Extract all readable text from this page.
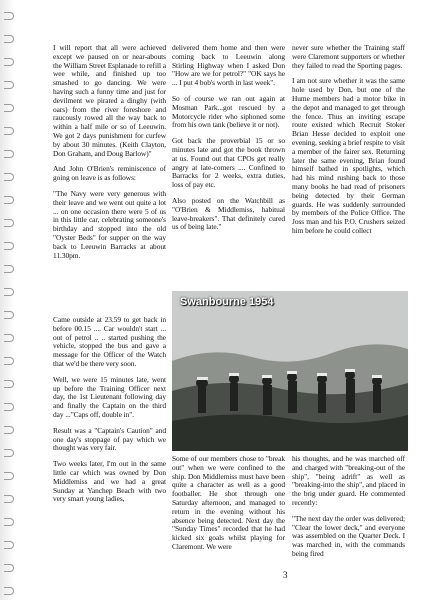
I will report that all were achieved except we paused on or near-abouts the William Street Esplanade to refill a wee while, and finished up too smashed to go dancing. We were having such a funny time and just for devilment we pirated a dinghy (with oars) from the river foreshore and raucously rowed all the way back to within a half mile or so of Leeuwin. We got 2 days punishment for curfew by about 30 minutes. (Keith Clayton, Don Graham, and Doug Barlow)"

And John O'Brien's reminiscence of going on leave is as follows:

"The Navy were very generous with their leave and we went out quite a lot ... on one occasion there were 5 of us in this little car, celebrating someone's birthday and stopped into the old "Oyster Beds" for supper on the way back to Leeuwin Barracks at about 11.30pm.

Came outside at 23.59 to get back in before 00.15 .... Car wouldn't start ... out of petrol .. .. started pushing the vehicle, stopped the bus and gave a message for the Officer of the Watch that we'd be there very soon.

Well, we were 15 minutes late, went up before the Training Officer next day, the 1st Lieutenant following day and finally the Captain on the third day ..."Caps off, double in".

Result was a "Captain's Caution" and one day's stoppage of pay which we thought was very fair.

Two weeks later, I'm out in the same little car which was owned by Don Middlemiss and we had a great Sunday at Yanchep Beach with two very smart young ladies,

delivered them home and then were coming back to Leeuwin along Stirling Highway when I asked Don "How are we for petrol?" "OK says he ... I put 4 bob's worth in last week".

So of course we ran out again at Mosman Park...got rescued by a Motorcycle rider who siphoned some from his own tank (believe it or not).

Got back the proverbial 15 or so minutes late and got the book thrown at us. Found out that CPOs get really angry at late-comers .... Confined to Barracks for 2 weeks, extra duties, loss of pay etc.

Also posted on the Watchbill as "O'Brien & Middlemiss, habitual leave-breakers". That definitely cured us of being late."

never sure whether the Training staff were Claremont supporters or whether they failed to read the Sporting pages.

I am not sure whether it was the same hole used by Don, but one of the Hume members had a motor bike in the depot and managed to get through the fence. Thus an inviting escape route existed which Recruit Stoker Brian Hesse decided to exploit one evening, seeking a brief respite to visit a member of the fairer sex. Returning later the same evening, Brian found himself bathed in spotlights, which had his mind rushing back to those many books he had read of prisoners being detected by their German guards. He was suddenly surrounded by members of the Police Office. The Joss man and his P.O. Crushers seized him before he could collect

Swanbourne 1954

Some of our members chose to "break out" when we were confined to the ship. Don Middlemiss must have been quite a character as well as a good footballer. He shot through one Saturday afternoon, and managed to return in the evening without his absence being detected. Next day the "Sunday Times" recorded that he had kicked six goals whilst playing for Claremont. We were

his thoughts, and he was marched off and charged with "breaking-out of the ship", "being adrift" as well as "breaking-into the ship", and placed in the brig under guard. He commented recently:

"The next day the order was delivered; "Clear the lower deck," and everyone was assembled on the Quarter Deck. I was marched in, with the commands being fired

3
